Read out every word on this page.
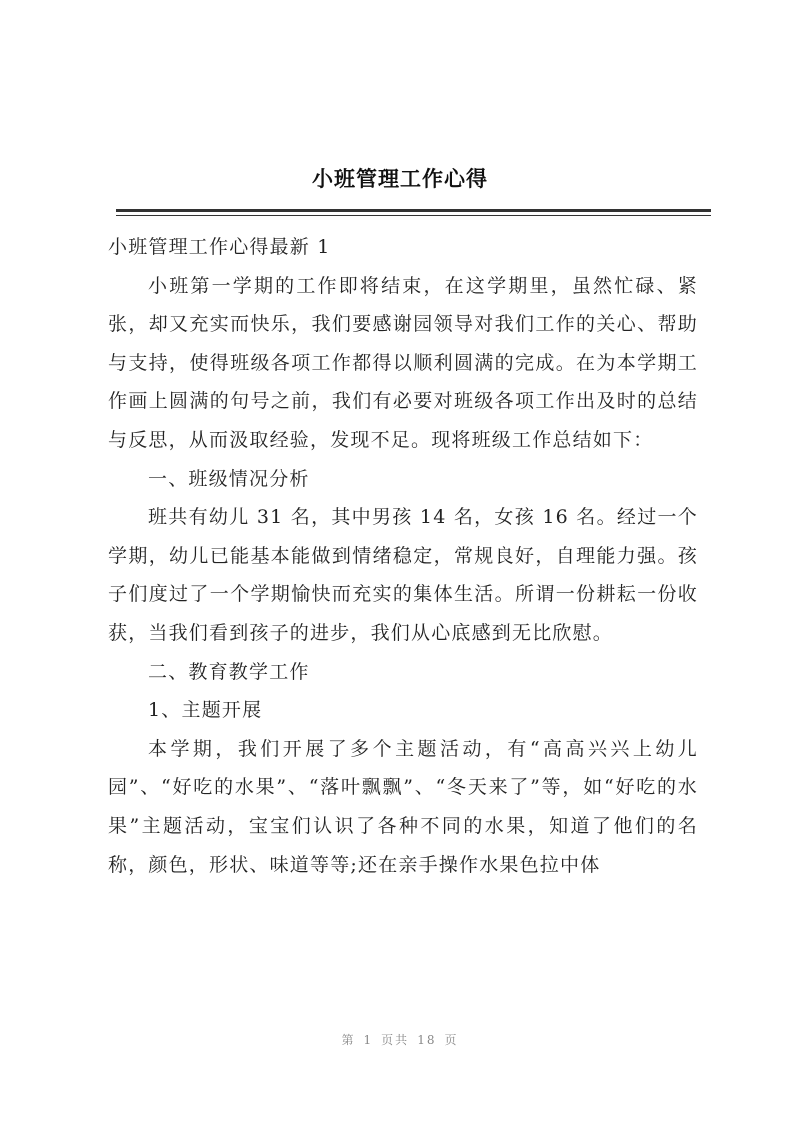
小班管理工作心得

小班管理工作心得最新 1

小班第一学期的工作即将结束，在这学期里，虽然忙碌、紧张，却又充实而快乐，我们要感谢园领导对我们工作的关心、帮助与支持，使得班级各项工作都得以顺利圆满的完成。在为本学期工作画上圆满的句号之前，我们有必要对班级各项工作出及时的总结与反思，从而汲取经验，发现不足。现将班级工作总结如下：

一、班级情况分析

班共有幼儿 31 名，其中男孩 14 名，女孩 16 名。经过一个学期，幼儿已能基本能做到情绪稳定，常规良好，自理能力强。孩子们度过了一个学期愉快而充实的集体生活。所谓一份耕耘一份收获，当我们看到孩子的进步，我们从心底感到无比欣慰。

二、教育教学工作

1、主题开展

本学期，我们开展了多个主题活动，有“高高兴兴上幼儿园”、“好吃的水果”、“落叶飘飘”、“冬天来了”等，如“好吃的水果”主题活动，宝宝们认识了各种不同的水果，知道了他们的名称，颜色，形状、味道等等;还在亲手操作水果色拉中体

第 1 页共 18 页
